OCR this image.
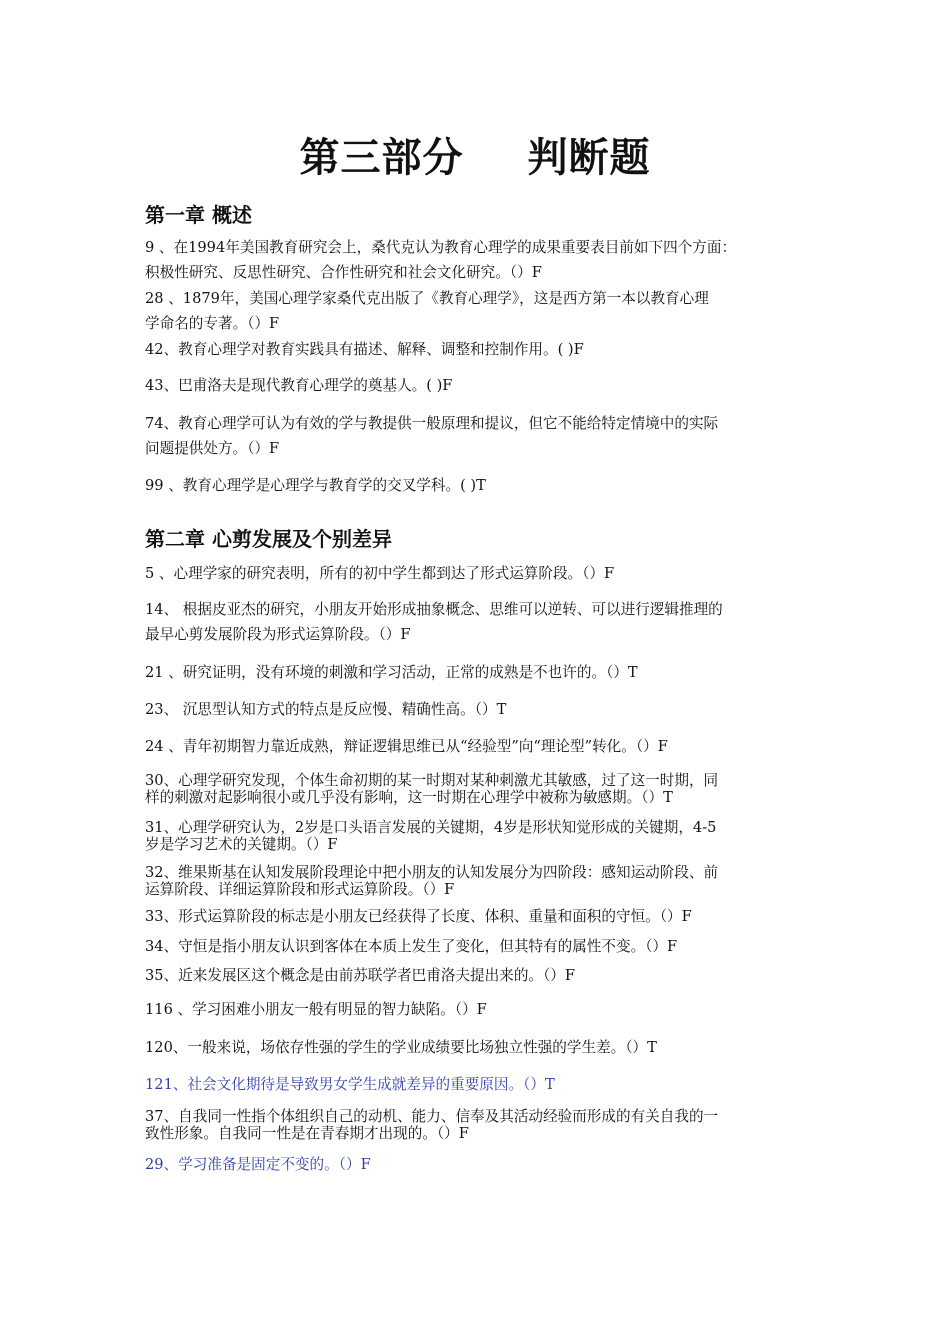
第三部分 判断题
第一章 概述
9 、在1994年美国教育研究会上，桑代克认为教育心理学的成果重要表目前如下四个方面：
积极性研究、反思性研究、合作性研究和社会文化研究。（）F
28 、1879年，美国心理学家桑代克出版了《教育心理学》，这是西方第一本以教育心理
学命名的专著。（）F
42、教育心理学对教育实践具有描述、解释、调整和控制作用。( )F
43、巴甫洛夫是现代教育心理学的奠基人。( )F
74、教育心理学可认为有效的学与教提供一般原理和提议，但它不能给特定情境中的实际
问题提供处方。（）F
99 、教育心理学是心理学与教育学的交叉学科。( )T
第二章 心剪发展及个别差异
5 、心理学家的研究表明，所有的初中学生都到达了形式运算阶段。（）F
14、 根据皮亚杰的研究，小朋友开始形成抽象概念、思维可以逆转、可以进行逻辑推理的
最早心剪发展阶段为形式运算阶段。（）F
21 、研究证明，没有环境的刺激和学习活动，正常的成熟是不也许的。（）T
23、 沉思型认知方式的特点是反应慢、精确性高。（）T
24 、青年初期智力靠近成熟，辩证逻辑思维已从“经验型”向“理论型”转化。（）F
30、心理学研究发现，个体生命初期的某一时期对某种刺激尤其敏感，过了这一时期，同
样的刺激对起影响很小或几乎没有影响，这一时期在心理学中被称为敏感期。（）T
31、心理学研究认为，2岁是口头语言发展的关键期，4岁是形状知觉形成的关键期，4-5
岁是学习艺术的关键期。（）F
32、维果斯基在认知发展阶段理论中把小朋友的认知发展分为四阶段：感知运动阶段、前
运算阶段、详细运算阶段和形式运算阶段。（）F
33、形式运算阶段的标志是小朋友已经获得了长度、体积、重量和面积的守恒。（）F
34、守恒是指小朋友认识到客体在本质上发生了变化，但其特有的属性不变。（）F
35、近来发展区这个概念是由前苏联学者巴甫洛夫提出来的。（）F
116 、学习困难小朋友一般有明显的智力缺陷。（）F
120、一般来说，场依存性强的学生的学业成绩要比场独立性强的学生差。（）T
121、社会文化期待是导致男女学生成就差异的重要原因。（）T
37、自我同一性指个体组织自己的动机、能力、信奉及其活动经验而形成的有关自我的一
致性形象。自我同一性是在青春期才出现的。（）F
29、学习准备是固定不变的。（）F
